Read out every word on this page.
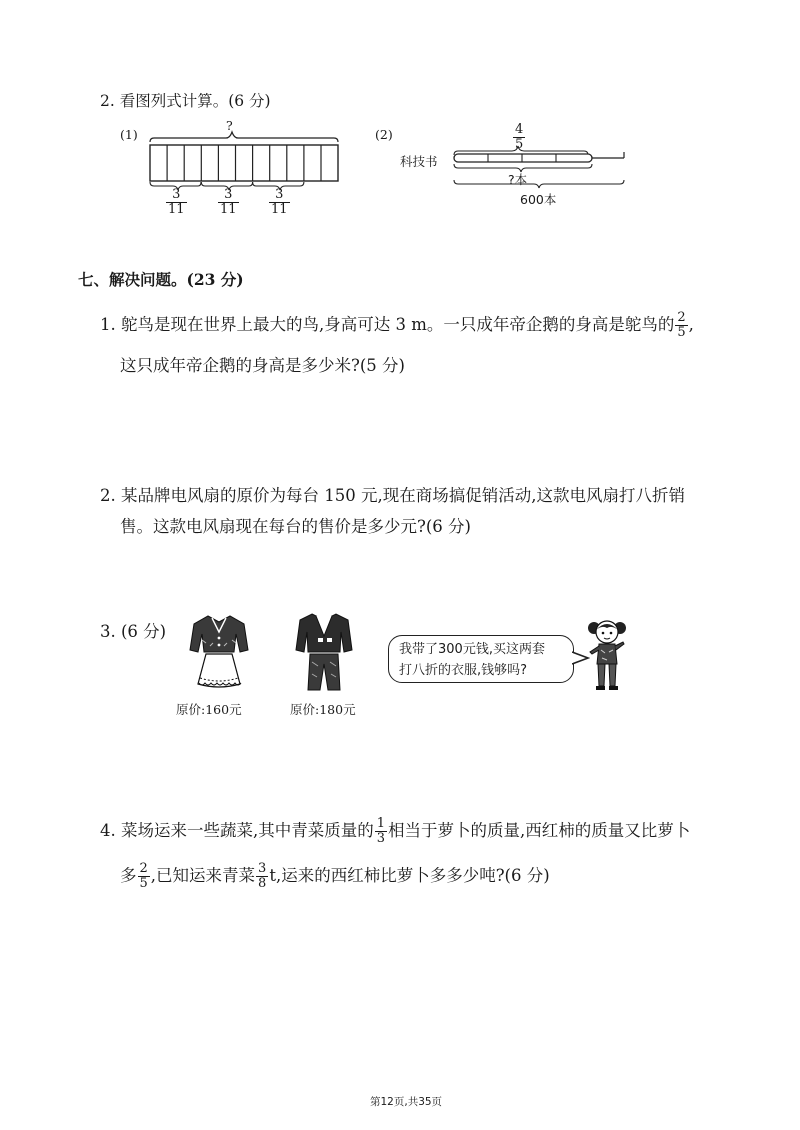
2. 看图列式计算。(6 分)
(1)
?
$\frac{3}{11} \frac{3}{11} \frac{3}{11}$
(2)	$\frac{4}{5}$
科技书
?本
600本
七、解决问题。(23 分)
1. 鸵鸟是现在世界上最大的鸟,身高可达 3 m。一只成年帝企鹅的身高是鸵鸟的 $\frac{2}{5}$ ,
这只成年帝企鹅的身高是多少米?(5 分)
2. 某品牌电风扇的原价为每台 150 元,现在商场搞促销活动,这款电风扇打八折销
售。这款电风扇现在每台的售价是多少元?(6 分)
3. (6 分)
原价:160元	原价:180元
我带了300元钱,买这两套
打八折的衣服,钱够吗?
4. 菜场运来一些蔬菜,其中青菜质量的 $\frac{1}{3}$ 相当于萝卜的质量,西红柿的质量又比萝卜
多 $\frac{2}{5}$ ,已知运来青菜 $\frac{3}{8} t$,运来的西红柿比萝卜多多少吨?(6 分)
第12页,共35页
